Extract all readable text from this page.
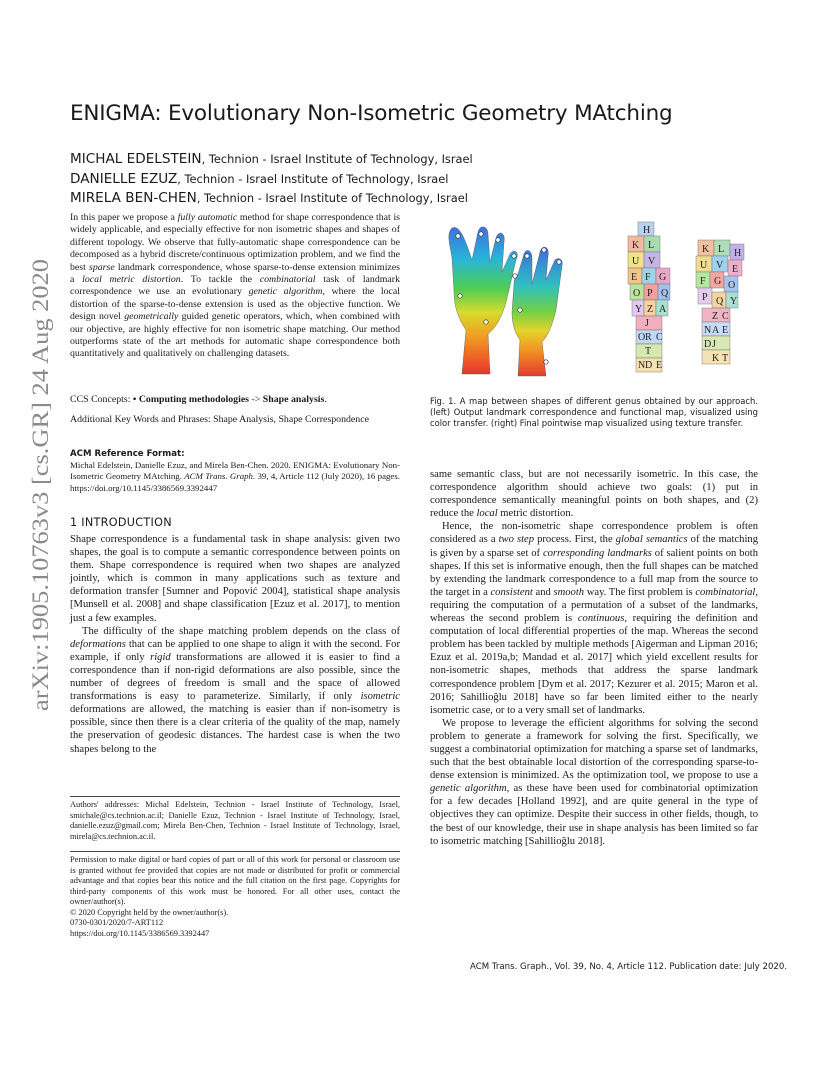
arXiv:1905.10763v3 [cs.GR] 24 Aug 2020
ENIGMA: Evolutionary Non-Isometric Geometry MAtching
MICHAL EDELSTEIN, Technion - Israel Institute of Technology, Israel
DANIELLE EZUZ, Technion - Israel Institute of Technology, Israel
MIRELA BEN-CHEN, Technion - Israel Institute of Technology, Israel
In this paper we propose a fully automatic method for shape correspondence that is widely applicable, and especially effective for non isometric shapes and shapes of different topology. We observe that fully-automatic shape correspondence can be decomposed as a hybrid discrete/continuous optimization problem, and we find the best sparse landmark correspondence, whose sparse-to-dense extension minimizes a local metric distortion. To tackle the combinatorial task of landmark correspondence we use an evolutionary genetic algorithm, where the local distortion of the sparse-to-dense extension is used as the objective function. We design novel geometrically guided genetic operators, which, when combined with our objective, are highly effective for non isometric shape matching. Our method outperforms state of the art methods for automatic shape correspondence both quantitatively and qualitatively on challenging datasets.
CCS Concepts: • Computing methodologies -> Shape analysis.
Additional Key Words and Phrases: Shape Analysis, Shape Correspondence
ACM Reference Format:
Michal Edelstein, Danielle Ezuz, and Mirela Ben-Chen. 2020. ENIGMA: Evolutionary Non-Isometric Geometry MAtching. ACM Trans. Graph. 39, 4, Article 112 (July 2020), 16 pages. https://doi.org/10.1145/3386569.3392447
1 INTRODUCTION

Shape correspondence is a fundamental task in shape analysis: given two shapes, the goal is to compute a semantic correspondence between points on them. Shape correspondence is required when two shapes are analyzed jointly, which is common in many applications such as texture and deformation transfer [Sumner and Popović 2004], statistical shape analysis [Munsell et al. 2008] and shape classification [Ezuz et al. 2017], to mention just a few examples.

The difficulty of the shape matching problem depends on the class of deformations that can be applied to one shape to align it with the second. For example, if only rigid transformations are allowed it is easier to find a correspondence than if non-rigid deformations are also possible, since the number of degrees of freedom is small and the space of allowed transformations is easy to parameterize. Similarly, if only isometric deformations are allowed, the matching is easier than if non-isometry is possible, since then there is a clear criteria of the quality of the map, namely the preservation of geodesic distances. The hardest case is when the two shapes belong to the

Authors' addresses: Michal Edelstein, Technion - Israel Institute of Technology, Israel, smichale@cs.technion.ac.il; Danielle Ezuz, Technion - Israel Institute of Technology, Israel, danielle.ezuz@gmail.com; Mirela Ben-Chen, Technion - Israel Institute of Technology, Israel, mirela@cs.technion.ac.il.
Permission to make digital or hard copies of part or all of this work for personal or classroom use is granted without fee provided that copies are not made or distributed for profit or commercial advantage and that copies bear this notice and the full citation on the first page. Copyrights for third-party components of this work must be honored. For all other uses, contact the owner/author(s).
© 2020 Copyright held by the owner/author(s).
0730-0301/2020/7-ART112
https://doi.org/10.1145/3386569.3392447
H
K L
U V
E F G
O P Q
Y Z A
J
R
T
D E
N
O C
K L H
U V E
F G O
P Q Y
Z
A
J
K T
D
E
N
C
Fig. 1. A map between shapes of different genus obtained by our approach. (left) Output landmark correspondence and functional map, visualized using color transfer. (right) Final pointwise map visualized using texture transfer.

same semantic class, but are not necessarily isometric. In this case, the correspondence algorithm should achieve two goals: (1) put in correspondence semantically meaningful points on both shapes, and (2) reduce the local metric distortion.

Hence, the non-isometric shape correspondence problem is often considered as a two step process. First, the global semantics of the matching is given by a sparse set of corresponding landmarks of salient points on both shapes. If this set is informative enough, then the full shapes can be matched by extending the landmark correspondence to a full map from the source to the target in a consistent and smooth way. The first problem is combinatorial, requiring the computation of a permutation of a subset of the landmarks, whereas the second problem is continuous, requiring the definition and computation of local differential properties of the map. Whereas the second problem has been tackled by multiple methods [Aigerman and Lipman 2016; Ezuz et al. 2019a,b; Mandad et al. 2017] which yield excellent results for non-isometric shapes, methods that address the sparse landmark correspondence problem [Dym et al. 2017; Kezurer et al. 2015; Maron et al. 2016; Sahillioğlu 2018] have so far been limited either to the nearly isometric case, or to a very small set of landmarks.

We propose to leverage the efficient algorithms for solving the second problem to generate a framework for solving the first. Specifically, we suggest a combinatorial optimization for matching a sparse set of landmarks, such that the best obtainable local distortion of the corresponding sparse-to-dense extension is minimized. As the optimization tool, we propose to use a genetic algorithm, as these have been used for combinatorial optimization for a few decades [Holland 1992], and are quite general in the type of objectives they can optimize. Despite their success in other fields, though, to the best of our knowledge, their use in shape analysis has been limited so far to isometric matching [Sahillioğlu 2018].

ACM Trans. Graph., Vol. 39, No. 4, Article 112. Publication date: July 2020.
